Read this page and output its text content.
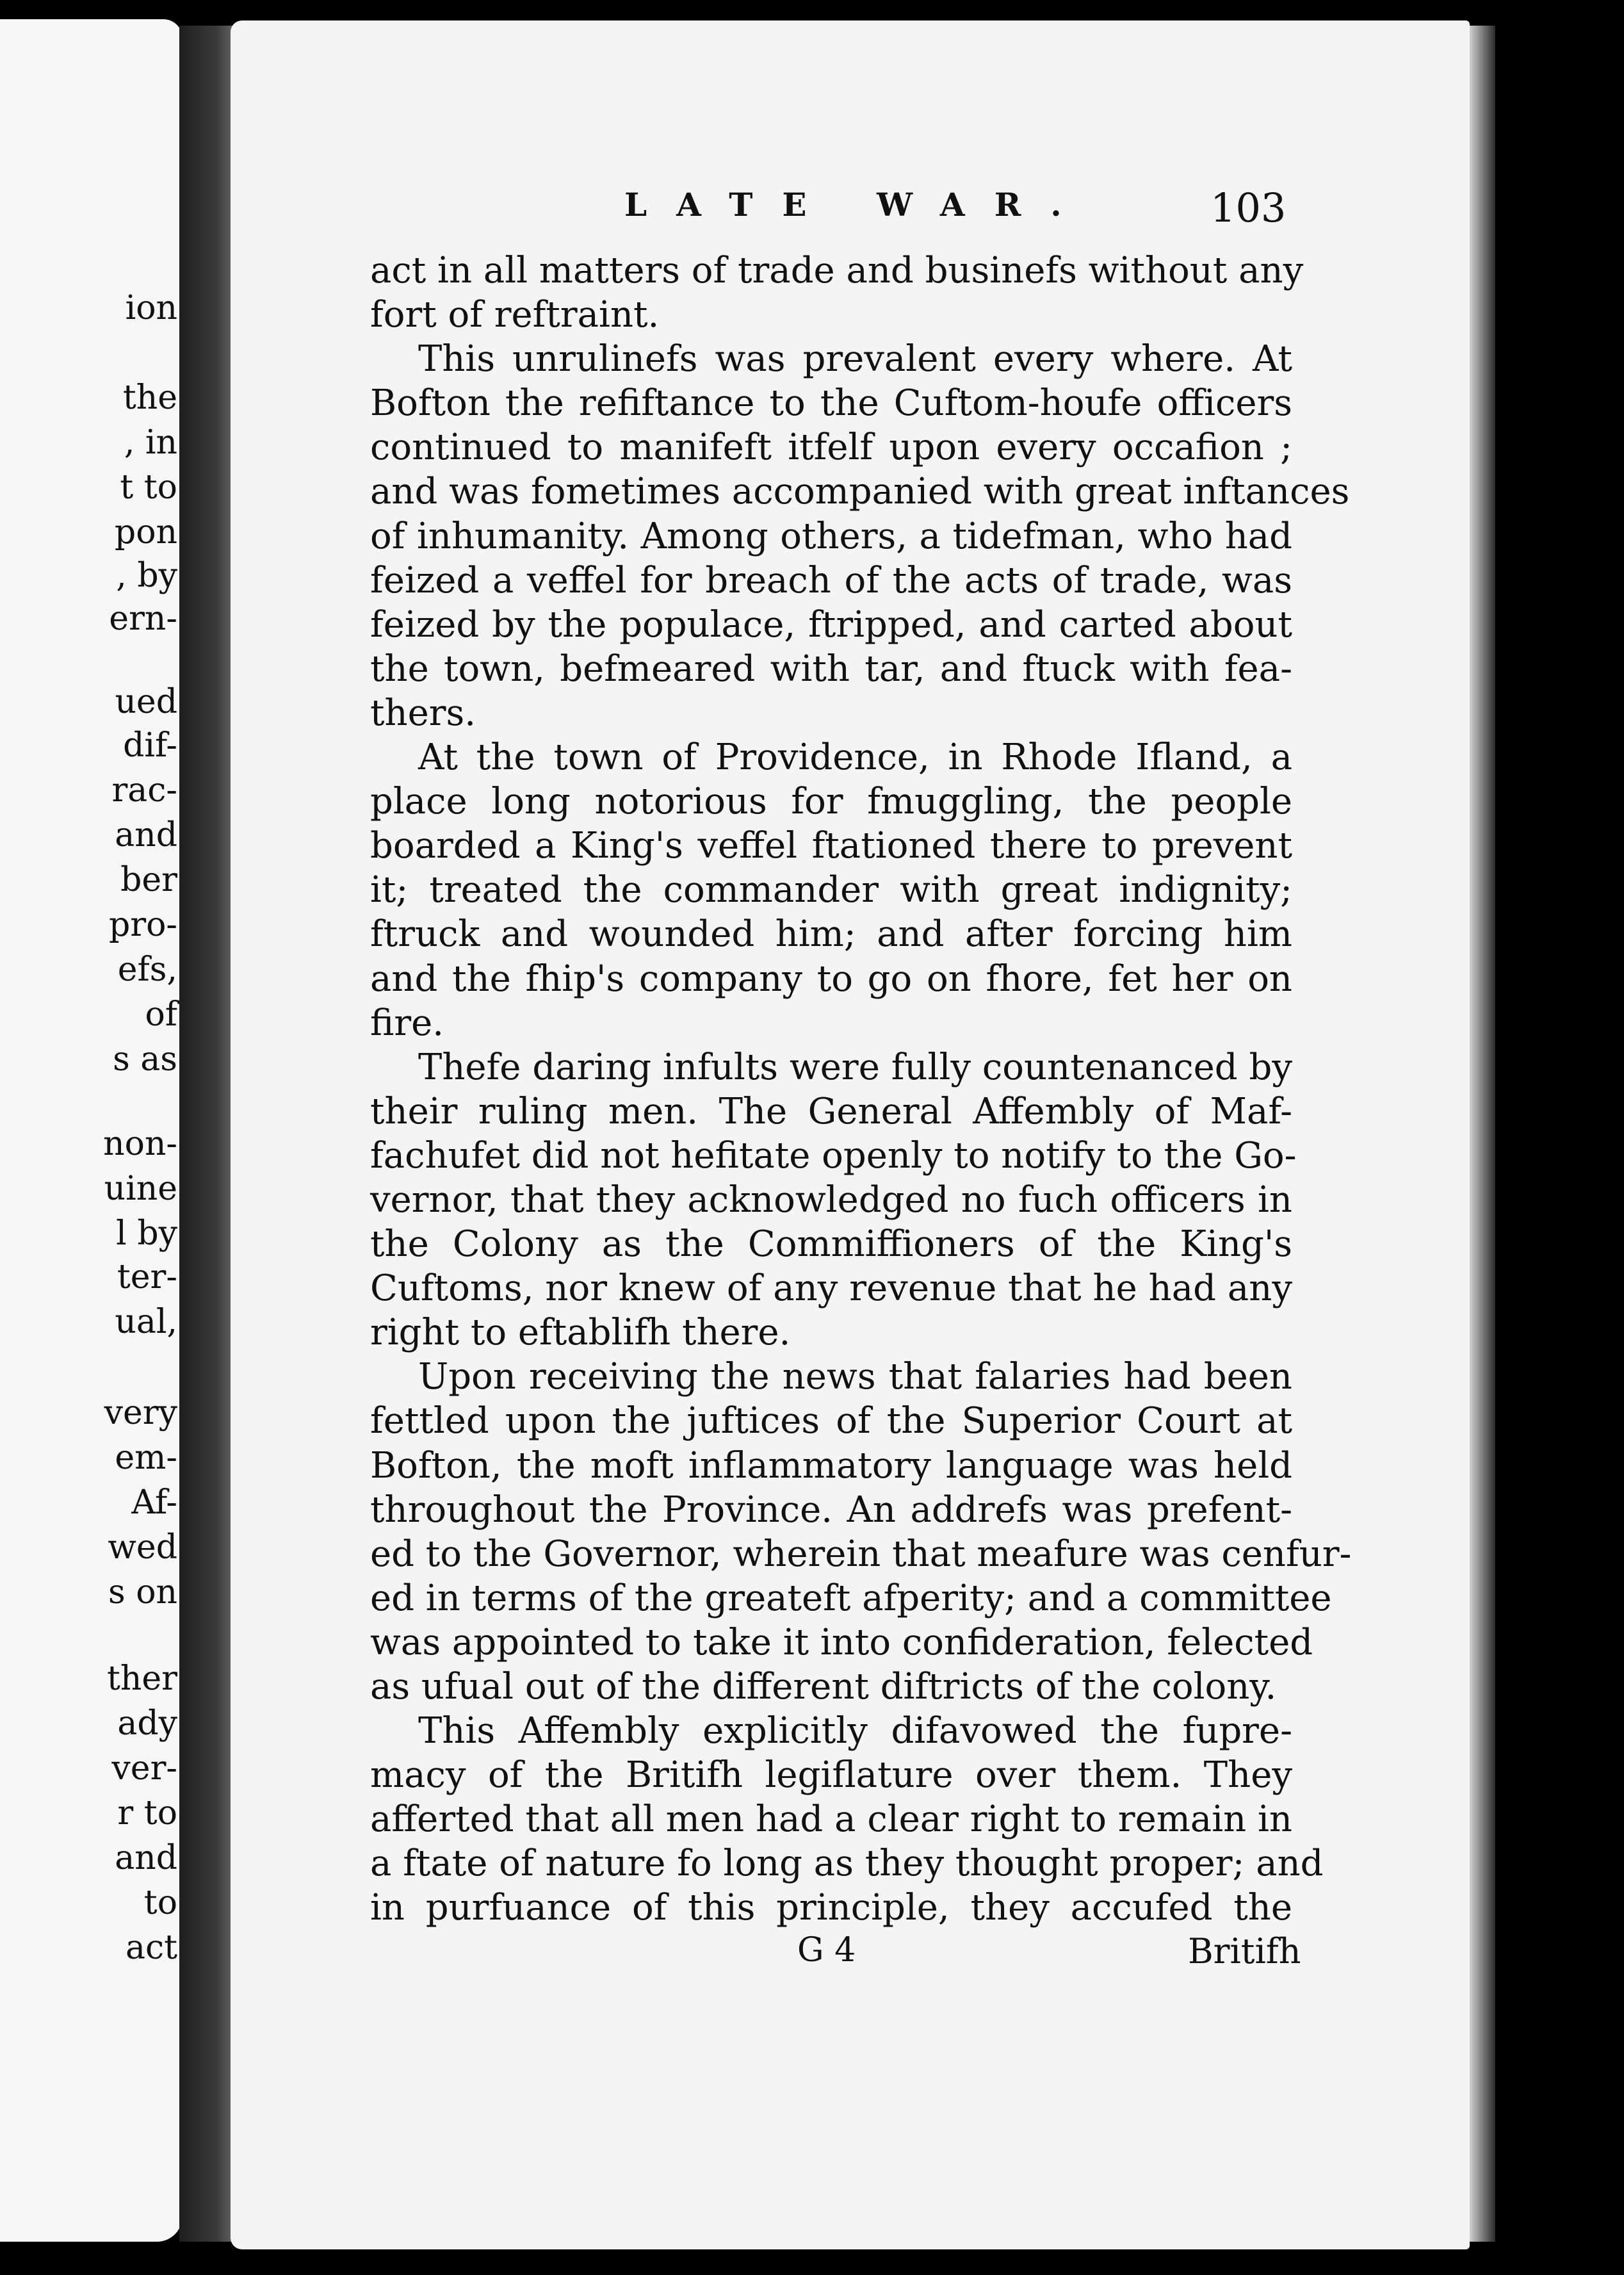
ion
the
, in
t to
pon
, by
ern-
ued
dif-
rac-
and
ber
pro-
efs,
of
s as
non-
uine
l by
ter-
ual,
very
em-
Af-
wed
s on
ther
ady
ver-
r to
and
to
act
LATE WAR.	103
act in all matters of trade and businefs without any
fort of reftraint.
This unrulinefs was prevalent every where. At
Bofton the refiftance to the Cuftom-houfe officers
continued to manifeft itfelf upon every occafion ;
and was fometimes accompanied with great inftances
of inhumanity. Among others, a tidefman, who had
feized a veffel for breach of the acts of trade, was
feized by the populace, ftripped, and carted about
the town, befmeared with tar, and ftuck with fea-
thers.
At the town of Providence, in Rhode Ifland, a
place long notorious for fmuggling, the people
boarded a King's veffel ftationed there to prevent
it; treated the commander with great indignity;
ftruck and wounded him; and after forcing him
and the fhip's company to go on fhore, fet her on
fire.
Thefe daring infults were fully countenanced by
their ruling men. The General Affembly of Maf-
fachufet did not hefitate openly to notify to the Go-
vernor, that they acknowledged no fuch officers in
the Colony as the Commiffioners of the King's
Cuftoms, nor knew of any revenue that he had any
right to eftablifh there.
Upon receiving the news that falaries had been
fettled upon the juftices of the Superior Court at
Bofton, the moft inflammatory language was held
throughout the Province. An addrefs was prefent-
ed to the Governor, wherein that meafure was cenfur-
ed in terms of the greateft afperity; and a committee
was appointed to take it into confideration, felected
as ufual out of the different diftricts of the colony.
This Affembly explicitly difavowed the fupre-
macy of the Britifh legiflature over them. They
afferted that all men had a clear right to remain in
a ftate of nature fo long as they thought proper; and
in purfuance of this principle, they accufed the
G 4	Britifh
